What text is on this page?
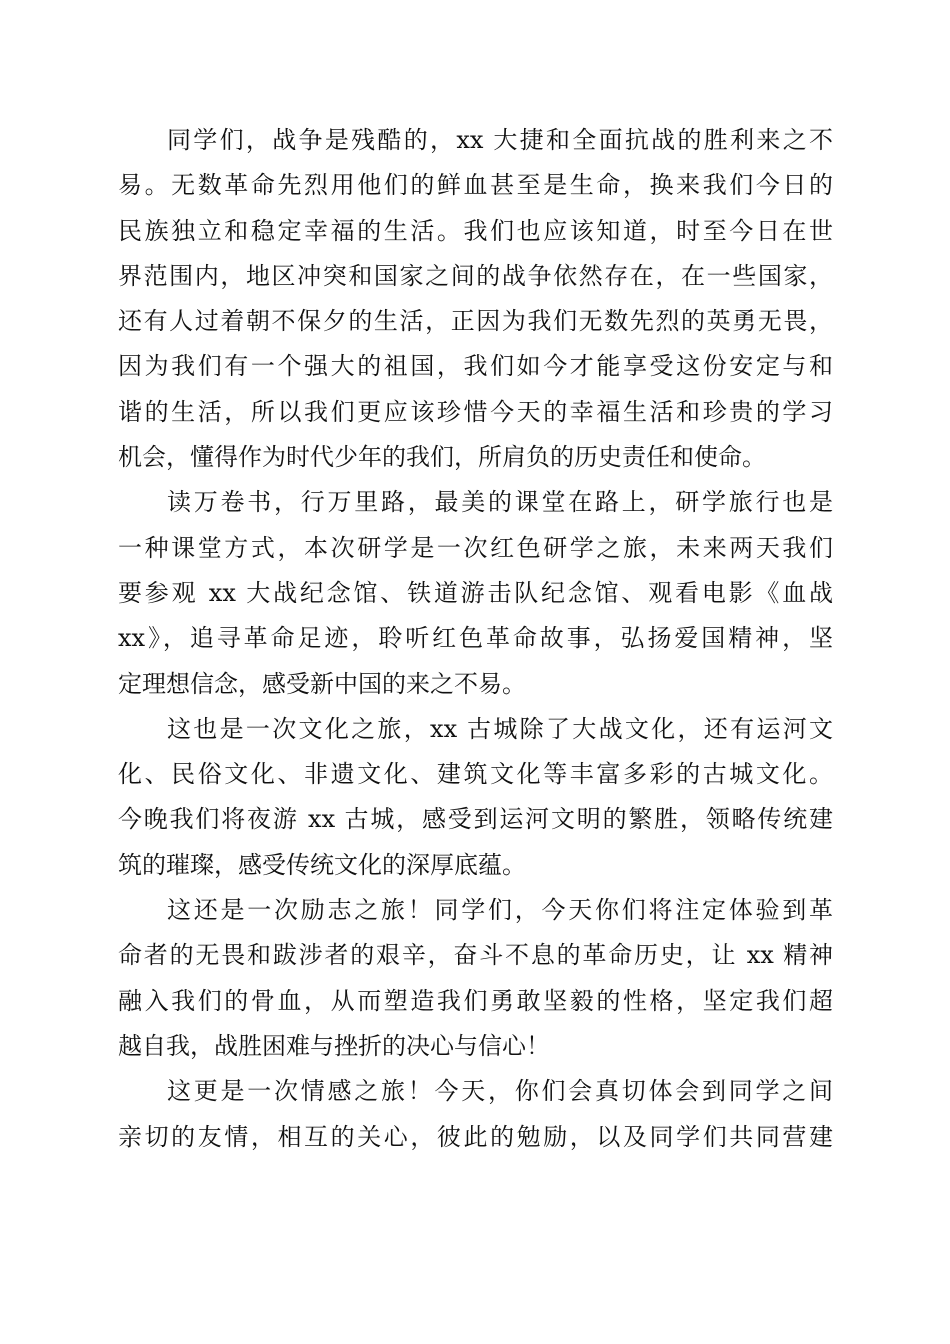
同学们，战争是残酷的，xx 大捷和全面抗战的胜利来之不
易。无数革命先烈用他们的鲜血甚至是生命，换来我们今日的
民族独立和稳定幸福的生活。我们也应该知道，时至今日在世
界范围内，地区冲突和国家之间的战争依然存在，在一些国家，
还有人过着朝不保夕的生活，正因为我们无数先烈的英勇无畏，
因为我们有一个强大的祖国，我们如今才能享受这份安定与和
谐的生活，所以我们更应该珍惜今天的幸福生活和珍贵的学习
机会，懂得作为时代少年的我们，所肩负的历史责任和使命。
读万卷书，行万里路，最美的课堂在路上，研学旅行也是
一种课堂方式，本次研学是一次红色研学之旅，未来两天我们
要参观 xx 大战纪念馆、铁道游击队纪念馆、观看电影《血战
xx》，追寻革命足迹，聆听红色革命故事，弘扬爱国精神，坚
定理想信念，感受新中国的来之不易。
这也是一次文化之旅，xx 古城除了大战文化，还有运河文
化、民俗文化、非遗文化、建筑文化等丰富多彩的古城文化。
今晚我们将夜游 xx 古城，感受到运河文明的繁胜，领略传统建
筑的璀璨，感受传统文化的深厚底蕴。
这还是一次励志之旅！同学们，今天你们将注定体验到革
命者的无畏和跋涉者的艰辛，奋斗不息的革命历史，让 xx 精神
融入我们的骨血，从而塑造我们勇敢坚毅的性格，坚定我们超
越自我，战胜困难与挫折的决心与信心！
这更是一次情感之旅！今天，你们会真切体会到同学之间
亲切的友情，相互的关心，彼此的勉励，以及同学们共同营建
